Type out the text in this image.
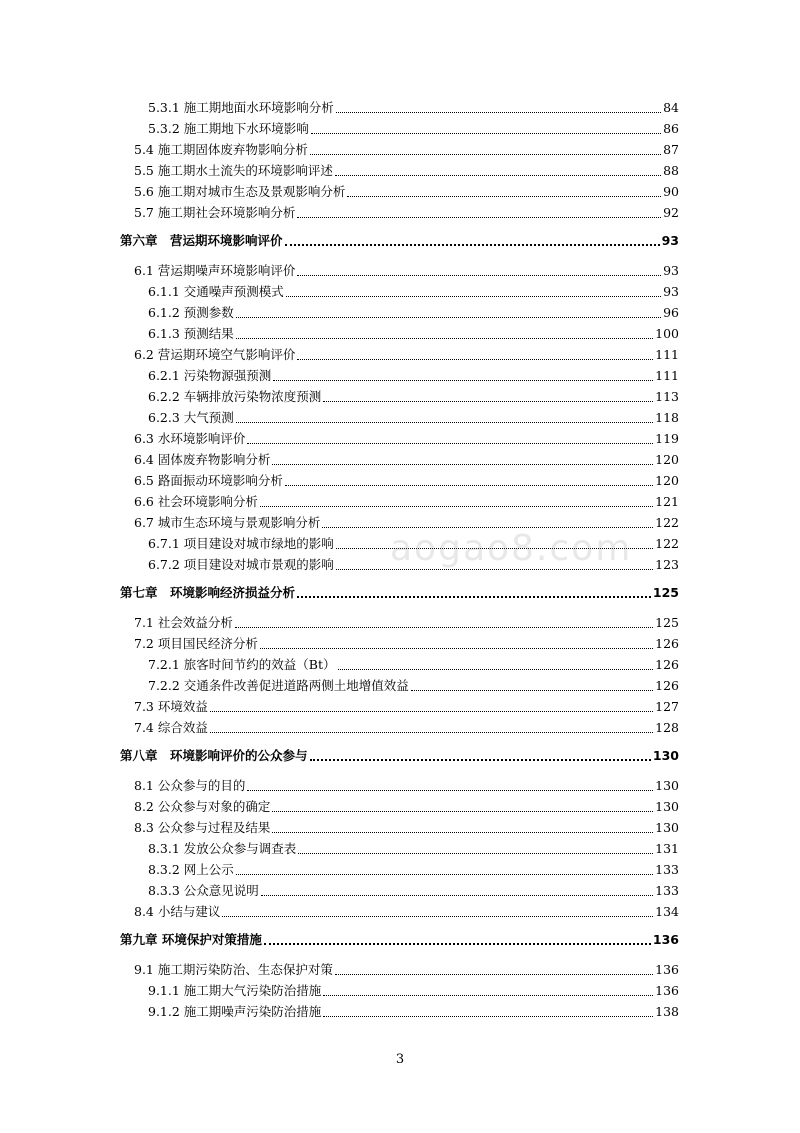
5.3.1 施工期地面水环境影响分析	84
5.3.2 施工期地下水环境影响	86
5.4 施工期固体废弃物影响分析	87
5.5 施工期水土流失的环境影响评述	88
5.6 施工期对城市生态及景观影响分析	90
5.7 施工期社会环境影响分析	92
第六章　营运期环境影响评价	93
6.1 营运期噪声环境影响评价	93
6.1.1 交通噪声预测模式	93
6.1.2 预测参数	96
6.1.3 预测结果	100
6.2 营运期环境空气影响评价	111
6.2.1 污染物源强预测	111
6.2.2 车辆排放污染物浓度预测	113
6.2.3 大气预测	118
6.3 水环境影响评价	119
6.4 固体废弃物影响分析	120
6.5 路面振动环境影响分析	120
6.6 社会环境影响分析	121
6.7 城市生态环境与景观影响分析	122
6.7.1 项目建设对城市绿地的影响	122
6.7.2 项目建设对城市景观的影响	123
第七章　环境影响经济损益分析	125
7.1 社会效益分析	125
7.2 项目国民经济分析	126
7.2.1 旅客时间节约的效益（Bt）	126
7.2.2 交通条件改善促进道路两侧土地增值效益	126
7.3 环境效益	127
7.4 综合效益	128
第八章　环境影响评价的公众参与	130
8.1 公众参与的目的	130
8.2 公众参与对象的确定	130
8.3 公众参与过程及结果	130
8.3.1 发放公众参与调查表	131
8.3.2 网上公示	133
8.3.3 公众意见说明	133
8.4 小结与建议	134
第九章 环境保护对策措施	136
9.1 施工期污染防治、生态保护对策	136
9.1.1 施工期大气污染防治措施	136
9.1.2 施工期噪声污染防治措施	138
aogao8.com
3
